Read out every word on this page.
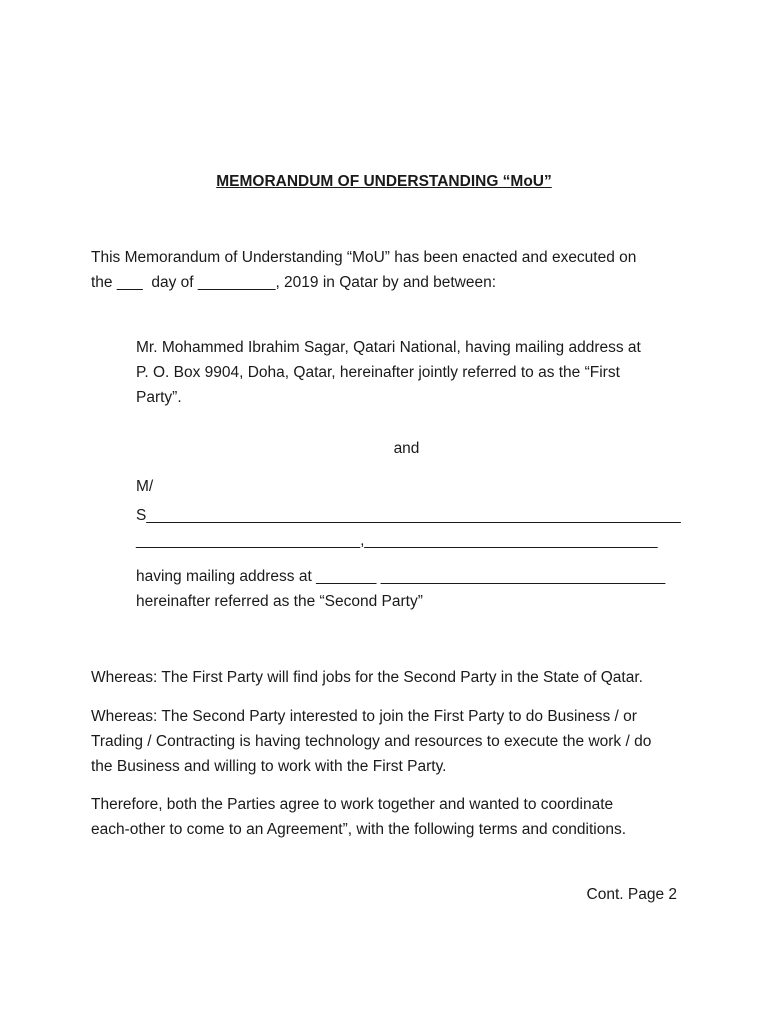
MEMORANDUM OF UNDERSTANDING “MoU”
This Memorandum of Understanding “MoU” has been enacted and executed on
the ___  day of _________, 2019 in Qatar by and between:
Mr. Mohammed Ibrahim Sagar, Qatari National, having mailing address at
P. O. Box 9904, Doha, Qatar, hereinafter jointly referred to as the “First
Party”.
and
M/
S______________________________________________________________
__________________________,__________________________________
having mailing address at _______ _________________________________
hereinafter referred as the “Second Party”
Whereas: The First Party will find jobs for the Second Party in the State of Qatar.
Whereas: The Second Party interested to join the First Party to do Business / or
Trading / Contracting is having technology and resources to execute the work / do
the Business and willing to work with the First Party.
Therefore, both the Parties agree to work together and wanted to coordinate
each-other to come to an Agreement”, with the following terms and conditions.
Cont. Page 2
